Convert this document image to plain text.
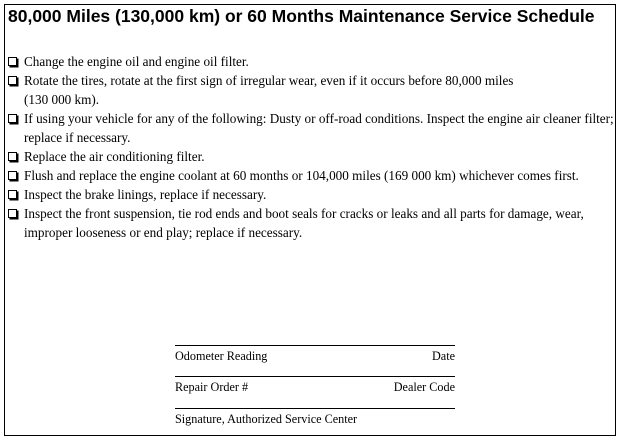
80,000 Miles (130,000 km) or 60 Months Maintenance Service Schedule
Change the engine oil and engine oil filter.
Rotate the tires, rotate at the first sign of irregular wear, even if it occurs before 80,000 miles (130 000 km).
If using your vehicle for any of the following: Dusty or off-road conditions. Inspect the engine air cleaner filter; replace if necessary.
Replace the air conditioning filter.
Flush and replace the engine coolant at 60 months or 104,000 miles (169 000 km) whichever comes first.
Inspect the brake linings, replace if necessary.
Inspect the front suspension, tie rod ends and boot seals for cracks or leaks and all parts for damage, wear, improper looseness or end play; replace if necessary.
Odometer Reading	Date
Repair Order #	Dealer Code
Signature, Authorized Service Center
